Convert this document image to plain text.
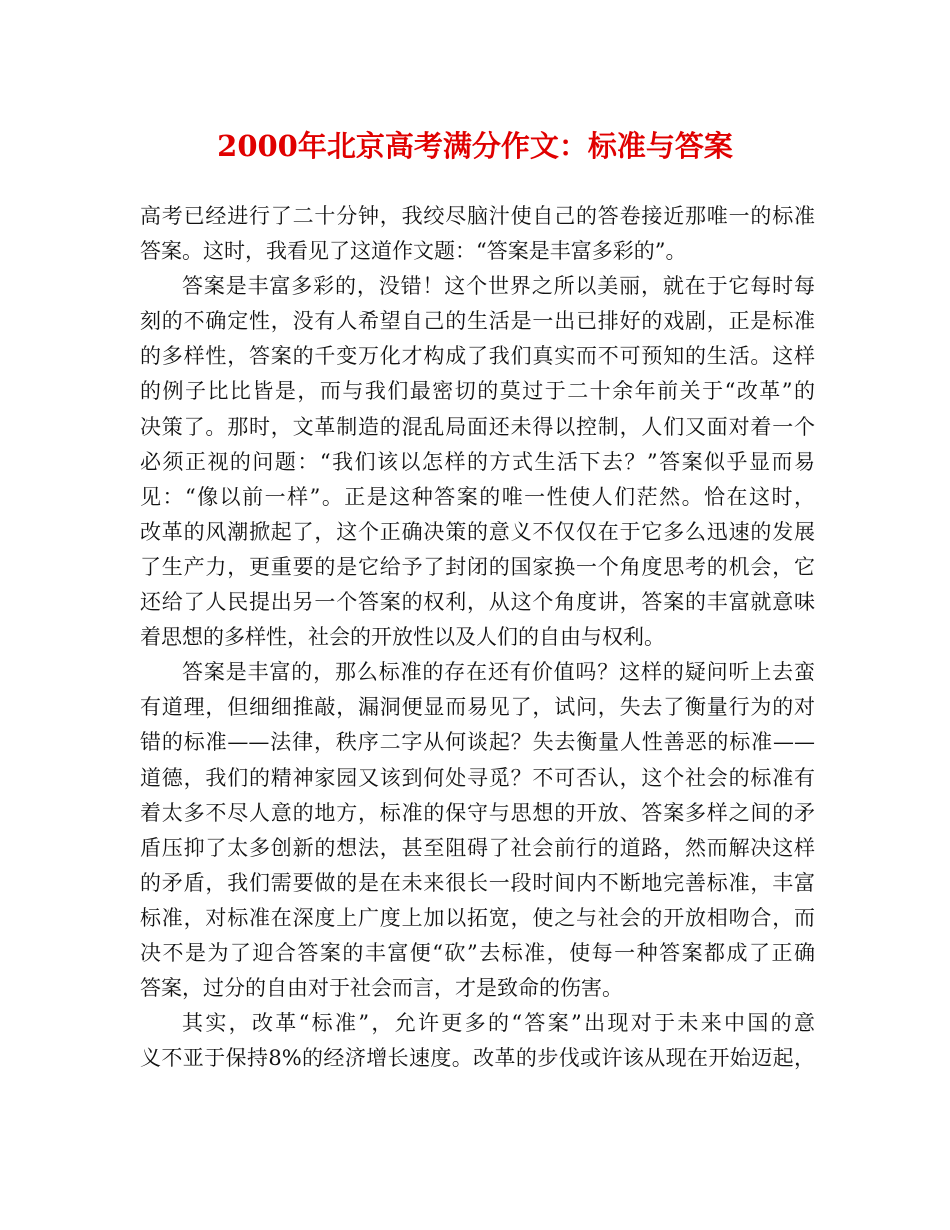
2000年北京高考满分作文：标准与答案
高考已经进行了二十分钟，我绞尽脑汁使自己的答卷接近那唯一的标准
答案。这时，我看见了这道作文题：“答案是丰富多彩的”。
答案是丰富多彩的，没错！这个世界之所以美丽，就在于它每时每
刻的不确定性，没有人希望自己的生活是一出已排好的戏剧，正是标准
的多样性，答案的千变万化才构成了我们真实而不可预知的生活。这样
的例子比比皆是，而与我们最密切的莫过于二十余年前关于“改革”的
决策了。那时，文革制造的混乱局面还未得以控制，人们又面对着一个
必须正视的问题：“我们该以怎样的方式生活下去？”答案似乎显而易
见：“像以前一样”。正是这种答案的唯一性使人们茫然。恰在这时，
改革的风潮掀起了，这个正确决策的意义不仅仅在于它多么迅速的发展
了生产力，更重要的是它给予了封闭的国家换一个角度思考的机会，它
还给了人民提出另一个答案的权利，从这个角度讲，答案的丰富就意味
着思想的多样性，社会的开放性以及人们的自由与权利。
答案是丰富的，那么标准的存在还有价值吗？这样的疑问听上去蛮
有道理，但细细推敲，漏洞便显而易见了，试问，失去了衡量行为的对
错的标准——法律，秩序二字从何谈起？失去衡量人性善恶的标准——
道德，我们的精神家园又该到何处寻觅？不可否认，这个社会的标准有
着太多不尽人意的地方，标准的保守与思想的开放、答案多样之间的矛
盾压抑了太多创新的想法，甚至阻碍了社会前行的道路，然而解决这样
的矛盾，我们需要做的是在未来很长一段时间内不断地完善标准，丰富
标准，对标准在深度上广度上加以拓宽，使之与社会的开放相吻合，而
决不是为了迎合答案的丰富便“砍”去标准，使每一种答案都成了正确
答案，过分的自由对于社会而言，才是致命的伤害。
其实，改革“标准”，允许更多的“答案”出现对于未来中国的意
义不亚于保持8%的经济增长速度。改革的步伐或许该从现在开始迈起，
